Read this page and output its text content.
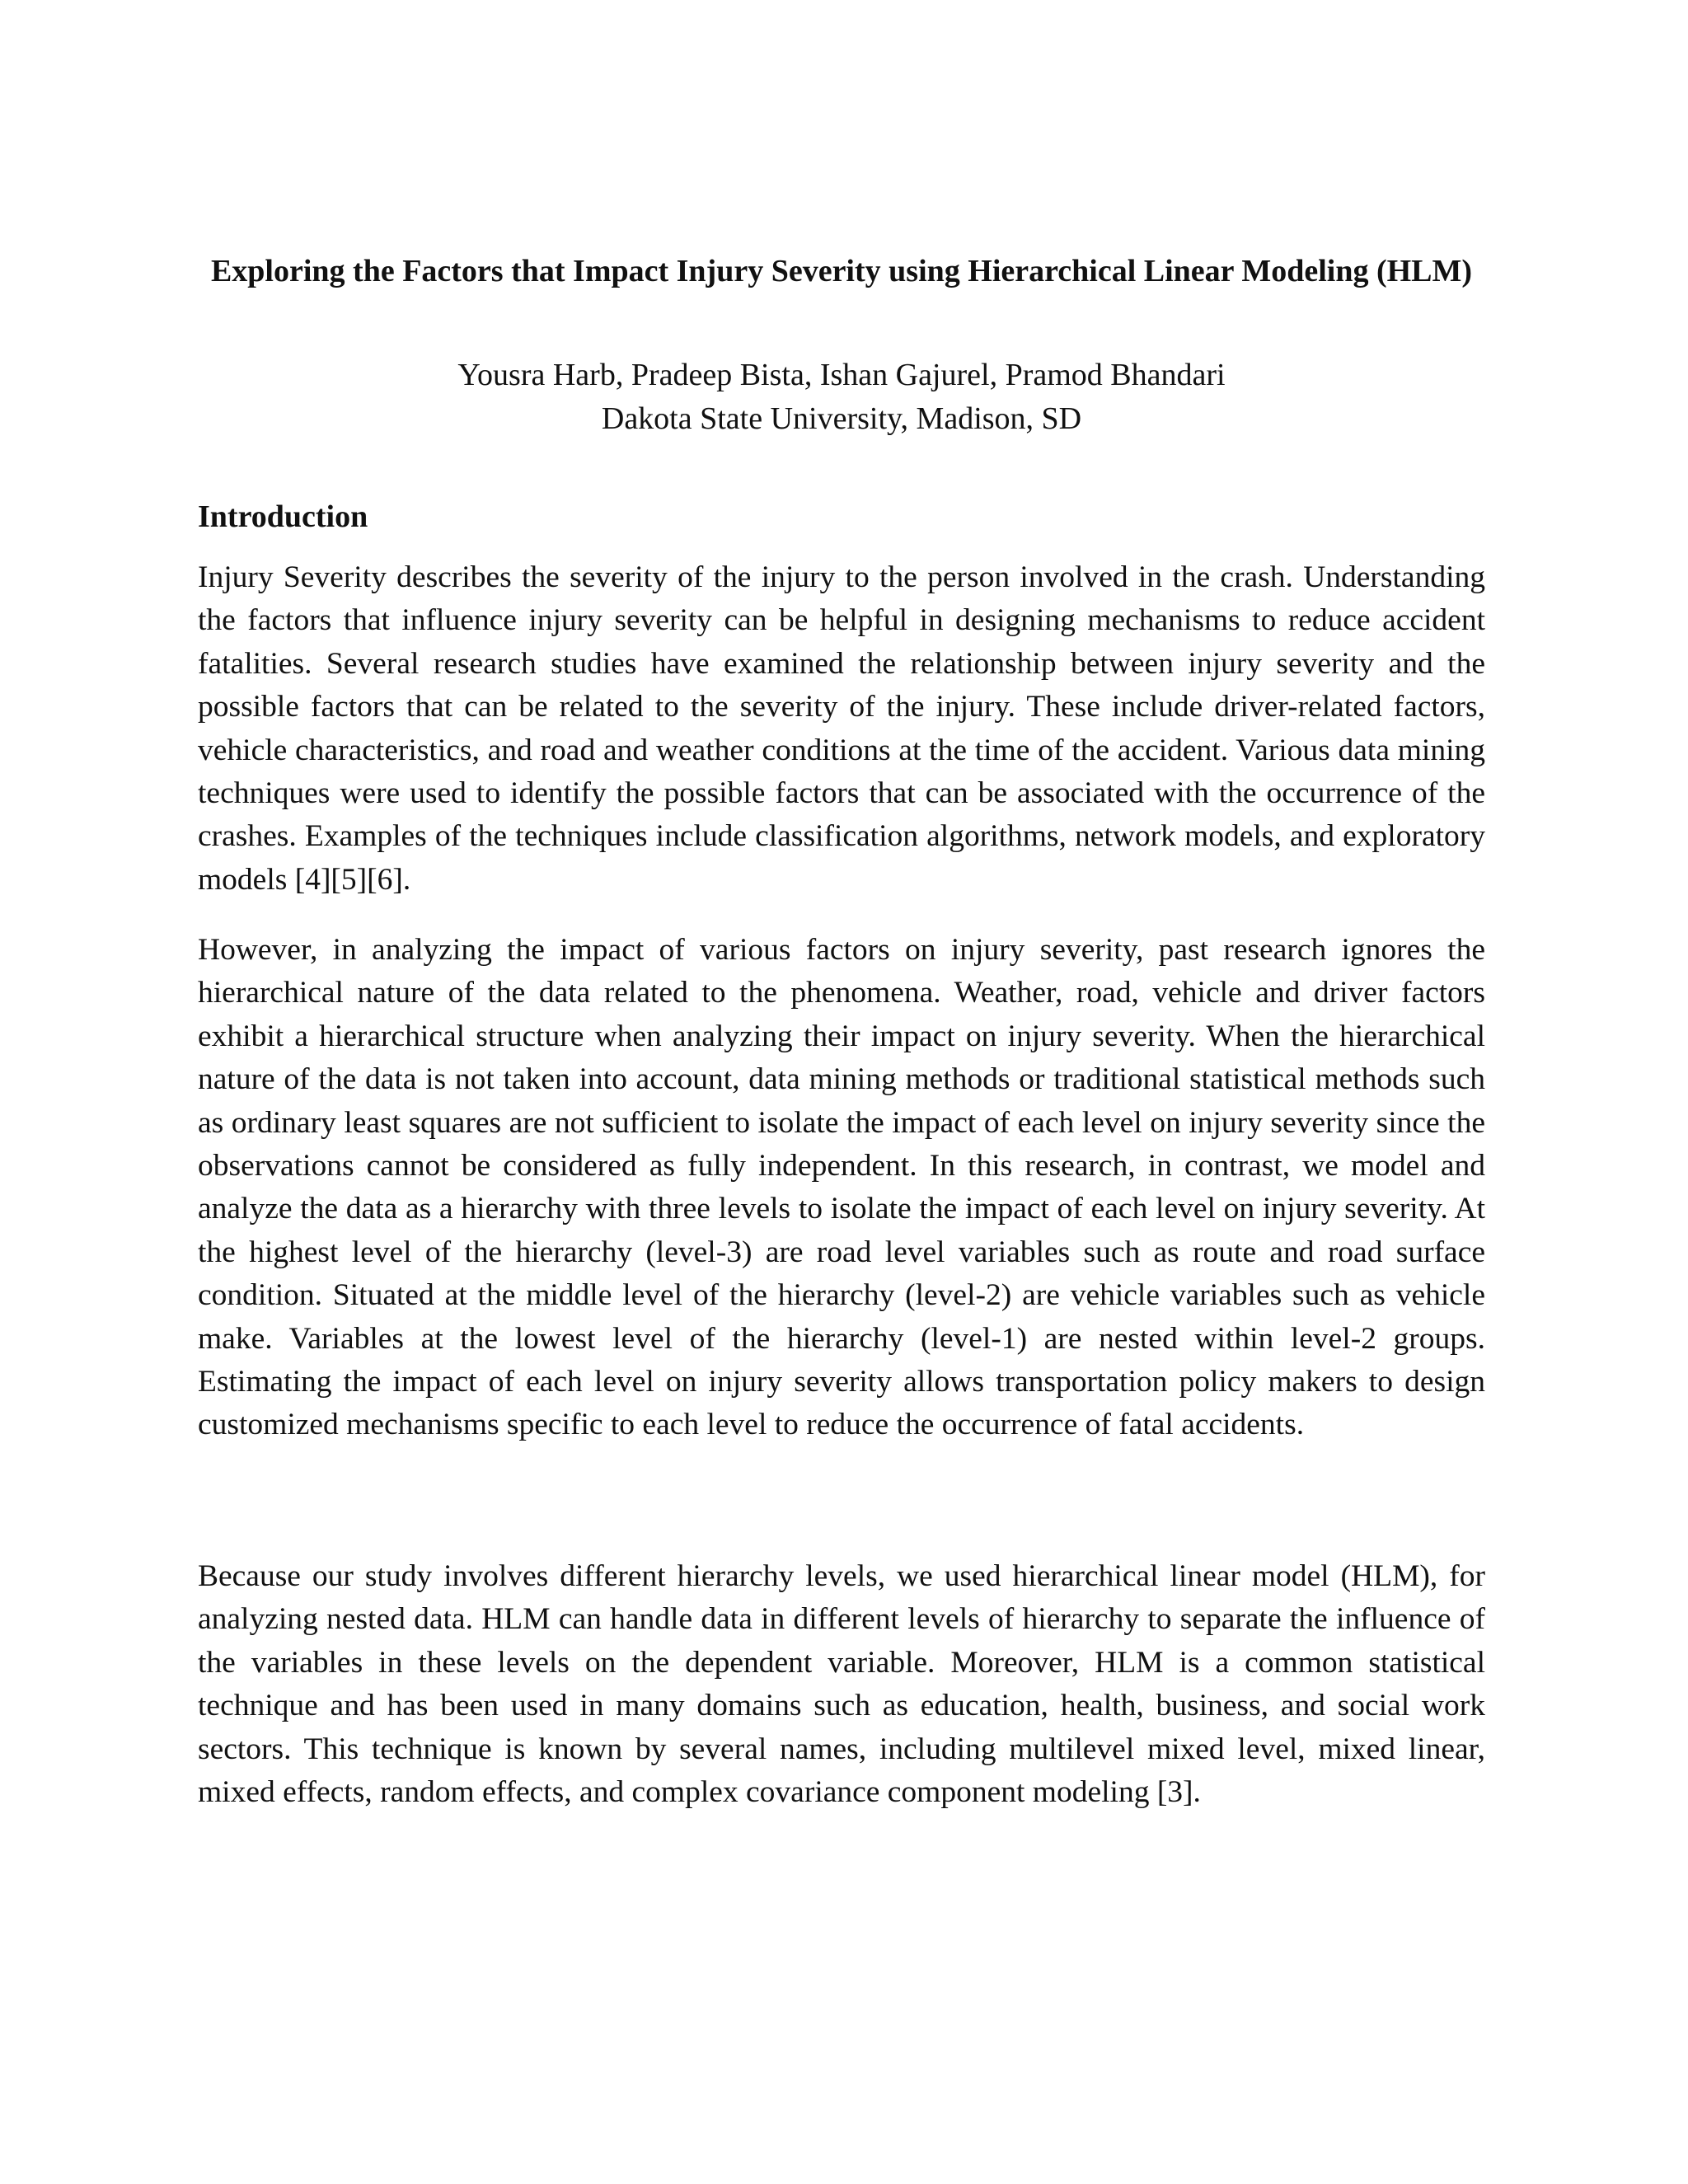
Exploring the Factors that Impact Injury Severity using Hierarchical Linear Modeling (HLM)
Yousra Harb, Pradeep Bista, Ishan Gajurel, Pramod Bhandari
Dakota State University, Madison, SD
Introduction

Injury Severity describes the severity of the injury to the person involved in the crash. Understanding the factors that influence injury severity can be helpful in designing mechanisms to reduce accident fatalities. Several research studies have examined the relationship between injury severity and the possible factors that can be related to the severity of the injury. These include driver-related factors, vehicle characteristics, and road and weather conditions at the time of the accident. Various data mining techniques were used to identify the possible factors that can be associated with the occurrence of the crashes. Examples of the techniques include classification algorithms, network models, and exploratory models [4][5][6].

However, in analyzing the impact of various factors on injury severity, past research ignores the hierarchical nature of the data related to the phenomena. Weather, road, vehicle and driver factors exhibit a hierarchical structure when analyzing their impact on injury severity. When the hierarchical nature of the data is not taken into account, data mining methods or traditional statistical methods such as ordinary least squares are not sufficient to isolate the impact of each level on injury severity since the observations cannot be considered as fully independent. In this research, in contrast, we model and analyze the data as a hierarchy with three levels to isolate the impact of each level on injury severity. At the highest level of the hierarchy (level-3) are road level variables such as route and road surface condition. Situated at the middle level of the hierarchy (level-2) are vehicle variables such as vehicle make. Variables at the lowest level of the hierarchy (level-1) are nested within level-2 groups. Estimating the impact of each level on injury severity allows transportation policy makers to design customized mechanisms specific to each level to reduce the occurrence of fatal accidents.

Because our study involves different hierarchy levels, we used hierarchical linear model (HLM), for analyzing nested data. HLM can handle data in different levels of hierarchy to separate the influence of the variables in these levels on the dependent variable. Moreover, HLM is a common statistical technique and has been used in many domains such as education, health, business, and social work sectors. This technique is known by several names, including multilevel mixed level, mixed linear, mixed effects, random effects, and complex covariance component modeling [3].
